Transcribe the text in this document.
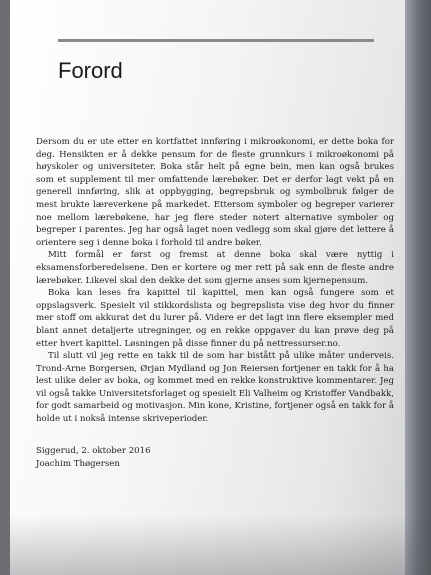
Forord

Dersom du er ute etter en kortfattet innføring i mikroøkonomi, er dette boka for deg. Hensikten er å dekke pensum for de fleste grunnkurs i mikroøkonomi på høyskoler og universiteter. Boka står helt på egne bein, men kan også brukes som et supplement til mer omfattende lærebøker. Det er derfor lagt vekt på en generell innføring, slik at oppbygging, begrepsbruk og symbolbruk følger de mest brukte læreverkene på markedet. Ettersom symboler og begreper varierer noe mellom lærebøkene, har jeg flere steder notert alternative symboler og begreper i parentes. Jeg har også laget noen vedlegg som skal gjøre det lettere å orientere seg i denne boka i forhold til andre bøker.

Mitt formål er først og fremst at denne boka skal være nyttig i eksamensforberedelsene. Den er kortere og mer rett på sak enn de fleste andre lærebøker. Likevel skal den dekke det som gjerne anses som kjernepensum.

Boka kan leses fra kapittel til kapittel, men kan også fungere som et oppslagsverk. Spesielt vil stikkordslista og begrepslista vise deg hvor du finner mer stoff om akkurat det du lurer på. Videre er det lagt inn flere eksempler med blant annet detaljerte utregninger, og en rekke oppgaver du kan prøve deg på etter hvert kapittel. Løsningen på disse finner du på nettressurser.no.

Til slutt vil jeg rette en takk til de som har bistått på ulike måter underveis. Trond-Arne Borgersen, Ørjan Mydland og Jon Reiersen fortjener en takk for å ha lest ulike deler av boka, og kommet med en rekke konstruktive kommentarer. Jeg vil også takke Universitetsforlaget og spesielt Eli Valheim og Kristoffer Vandbakk, for godt samarbeid og motivasjon. Min kone, Kristine, fortjener også en takk for å holde ut i nokså intense skriveperioder.

Siggerud, 2. oktober 2016
Joachim Thøgersen
